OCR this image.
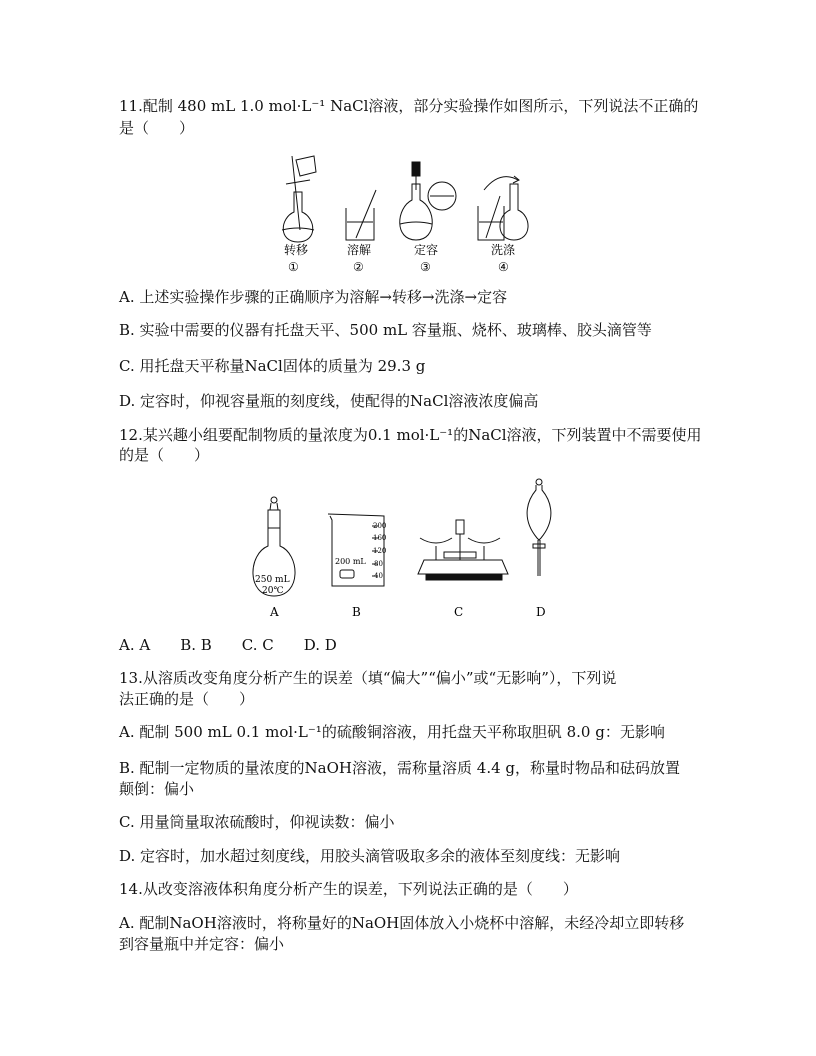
11.配制 480 mL 1.0 mol·L⁻¹ NaCl溶液，部分实验操作如图所示，下列说法不正确的
是（　　）
转移	溶解	定容	洗涤
①	②	③	④
A. 上述实验操作步骤的正确顺序为溶解→转移→洗涤→定容
B. 实验中需要的仪器有托盘天平、500 mL 容量瓶、烧杯、玻璃棒、胶头滴管等
C. 用托盘天平称量NaCl固体的质量为 29.3 g
D. 定容时，仰视容量瓶的刻度线，使配得的NaCl溶液浓度偏高
12.某兴趣小组要配制物质的量浓度为0.1 mol·L⁻¹的NaCl溶液，下列装置中不需要使用
的是（　　）
250 mL
20℃
200 mL
200
160
120
80
40
A	B	C	D
A. A　　B. B　　C. C　　D. D
13.从溶质改变角度分析产生的误差（填“偏大”“偏小”或“无影响”），下列说
法正确的是（　　）
A. 配制 500 mL 0.1 mol·L⁻¹的硫酸铜溶液，用托盘天平称取胆矾 8.0 g：无影响
B. 配制一定物质的量浓度的NaOH溶液，需称量溶质 4.4 g，称量时物品和砝码放置
颠倒：偏小
C. 用量筒量取浓硫酸时，仰视读数：偏小
D. 定容时，加水超过刻度线，用胶头滴管吸取多余的液体至刻度线：无影响
14.从改变溶液体积角度分析产生的误差，下列说法正确的是（　　）
A. 配制NaOH溶液时，将称量好的NaOH固体放入小烧杯中溶解，未经冷却立即转移
到容量瓶中并定容：偏小
